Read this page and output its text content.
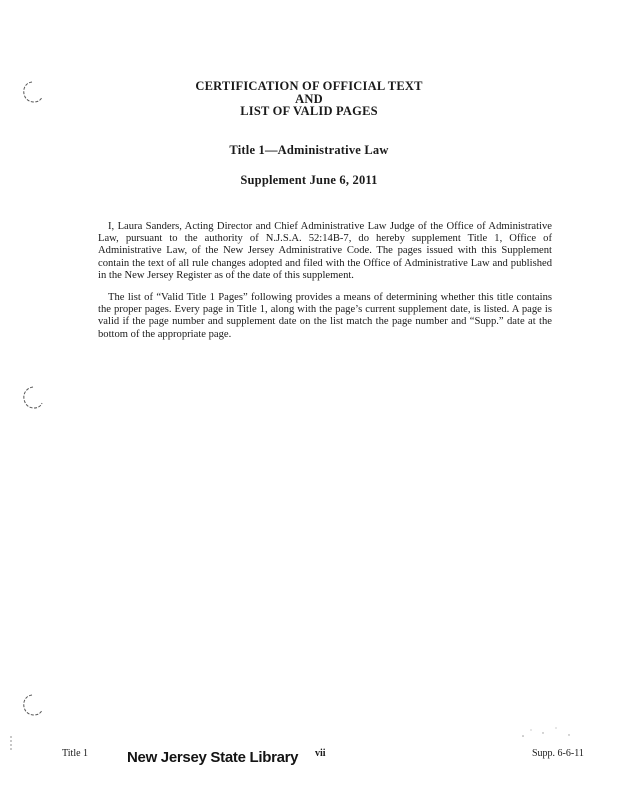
CERTIFICATION OF OFFICIAL TEXT
AND
LIST OF VALID PAGES
Title 1—Administrative Law
Supplement June 6, 2011

I, Laura Sanders, Acting Director and Chief Administrative Law Judge of the Office of Administrative Law, pursuant to the authority of N.J.S.A. 52:14B-7, do hereby supplement Title 1, Office of Administrative Law, of the New Jersey Administrative Code. The pages issued with this Supplement contain the text of all rule changes adopted and filed with the Office of Administrative Law and published in the New Jersey Register as of the date of this supplement.

The list of “Valid Title 1 Pages” following provides a means of determining whether this title contains the proper pages. Every page in Title 1, along with the page’s current supplement date, is listed. A page is valid if the page number and supplement date on the list match the page number and “Supp.” date at the bottom of the appropriate page.

Title 1	New Jersey State Library vii	Supp. 6-6-11
